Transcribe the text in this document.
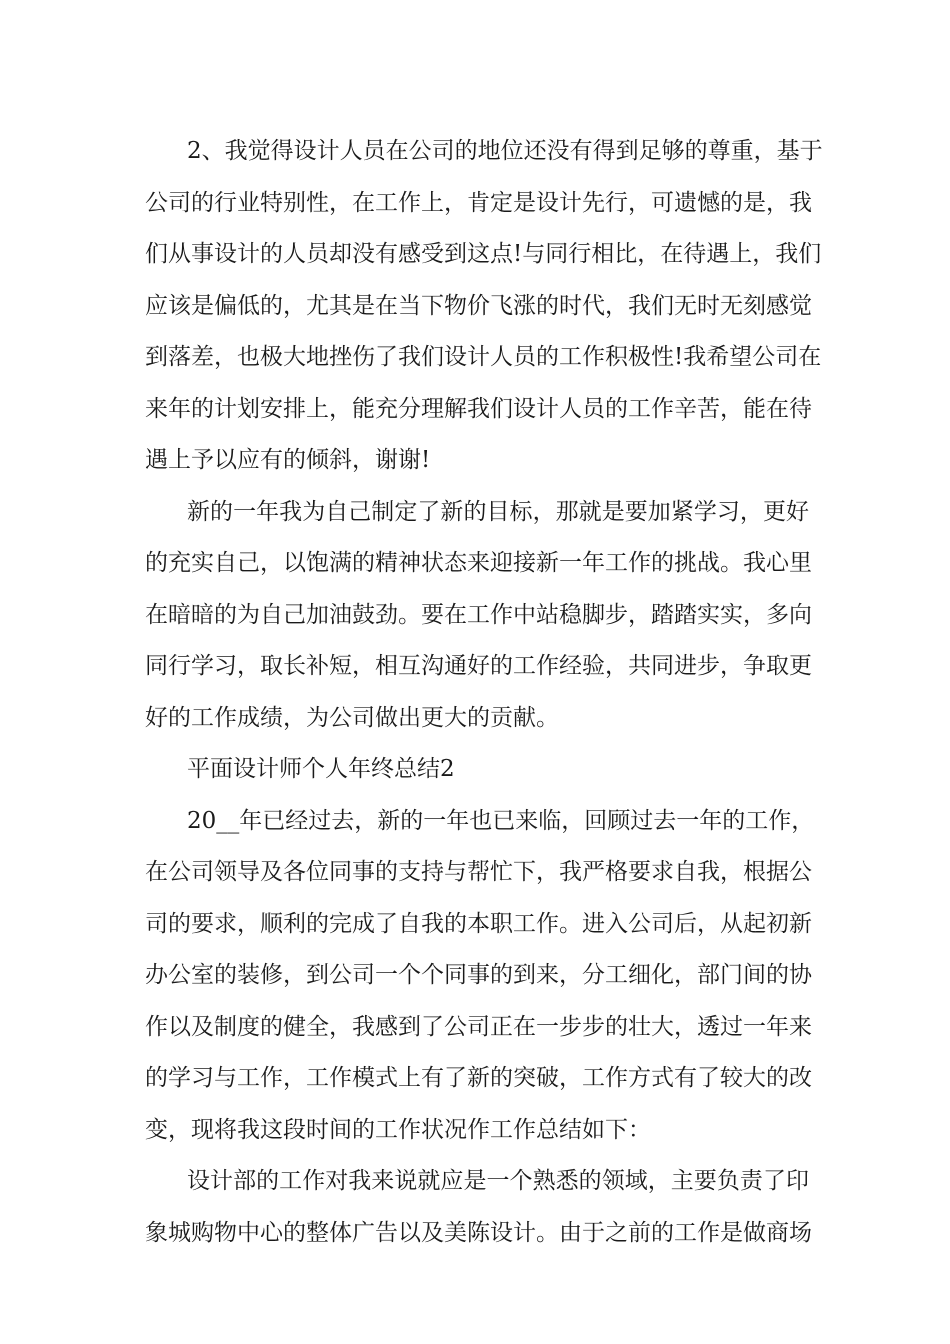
2、我觉得设计人员在公司的地位还没有得到足够的尊重，基于
公司的行业特别性，在工作上，肯定是设计先行，可遗憾的是，我
们从事设计的人员却没有感受到这点!与同行相比，在待遇上，我们
应该是偏低的，尤其是在当下物价飞涨的时代，我们无时无刻感觉
到落差，也极大地挫伤了我们设计人员的工作积极性!我希望公司在
来年的计划安排上，能充分理解我们设计人员的工作辛苦，能在待
遇上予以应有的倾斜，谢谢!
新的一年我为自己制定了新的目标，那就是要加紧学习，更好
的充实自己，以饱满的精神状态来迎接新一年工作的挑战。我心里
在暗暗的为自己加油鼓劲。要在工作中站稳脚步，踏踏实实，多向
同行学习，取长补短，相互沟通好的工作经验，共同进步，争取更
好的工作成绩，为公司做出更大的贡献。
平面设计师个人年终总结2
20__年已经过去，新的一年也已来临，回顾过去一年的工作，
在公司领导及各位同事的支持与帮忙下，我严格要求自我，根据公
司的要求，顺利的完成了自我的本职工作。进入公司后，从起初新
办公室的装修，到公司一个个同事的到来，分工细化，部门间的协
作以及制度的健全，我感到了公司正在一步步的壮大，透过一年来
的学习与工作，工作模式上有了新的突破，工作方式有了较大的改
变，现将我这段时间的工作状况作工作总结如下：
设计部的工作对我来说就应是一个熟悉的领域，主要负责了印
象城购物中心的整体广告以及美陈设计。由于之前的工作是做商场
